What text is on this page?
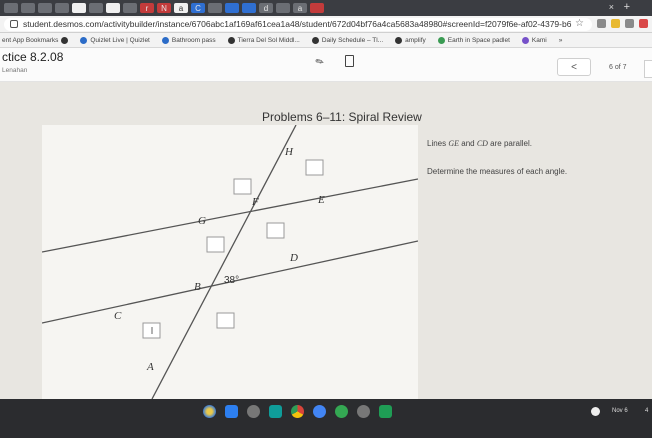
r	N	a	C	d	a	× +
student.desmos.com/activitybuilder/instance/6706abc1af169af61cea1a48/student/672d04bf76a4ca5683a48980#screenId=f2079f6e-af02-4379-b6 ☆
ent App Bookmarks	Quizlet Live | Quizlet	Bathroom pass	Tierra Del Sol Middl...	Daily Schedule – Tl...	amplify	Earth in Space padlet	Kami »
ctice 8.2.08
Lenahan
✎	<	6 of 7
Problems 6–11: Spiral Review
H
F	E
G
D
B
C
A
38°
Lines GE and CD are parallel.
Determine the measures of each angle.
Nov 6	4
